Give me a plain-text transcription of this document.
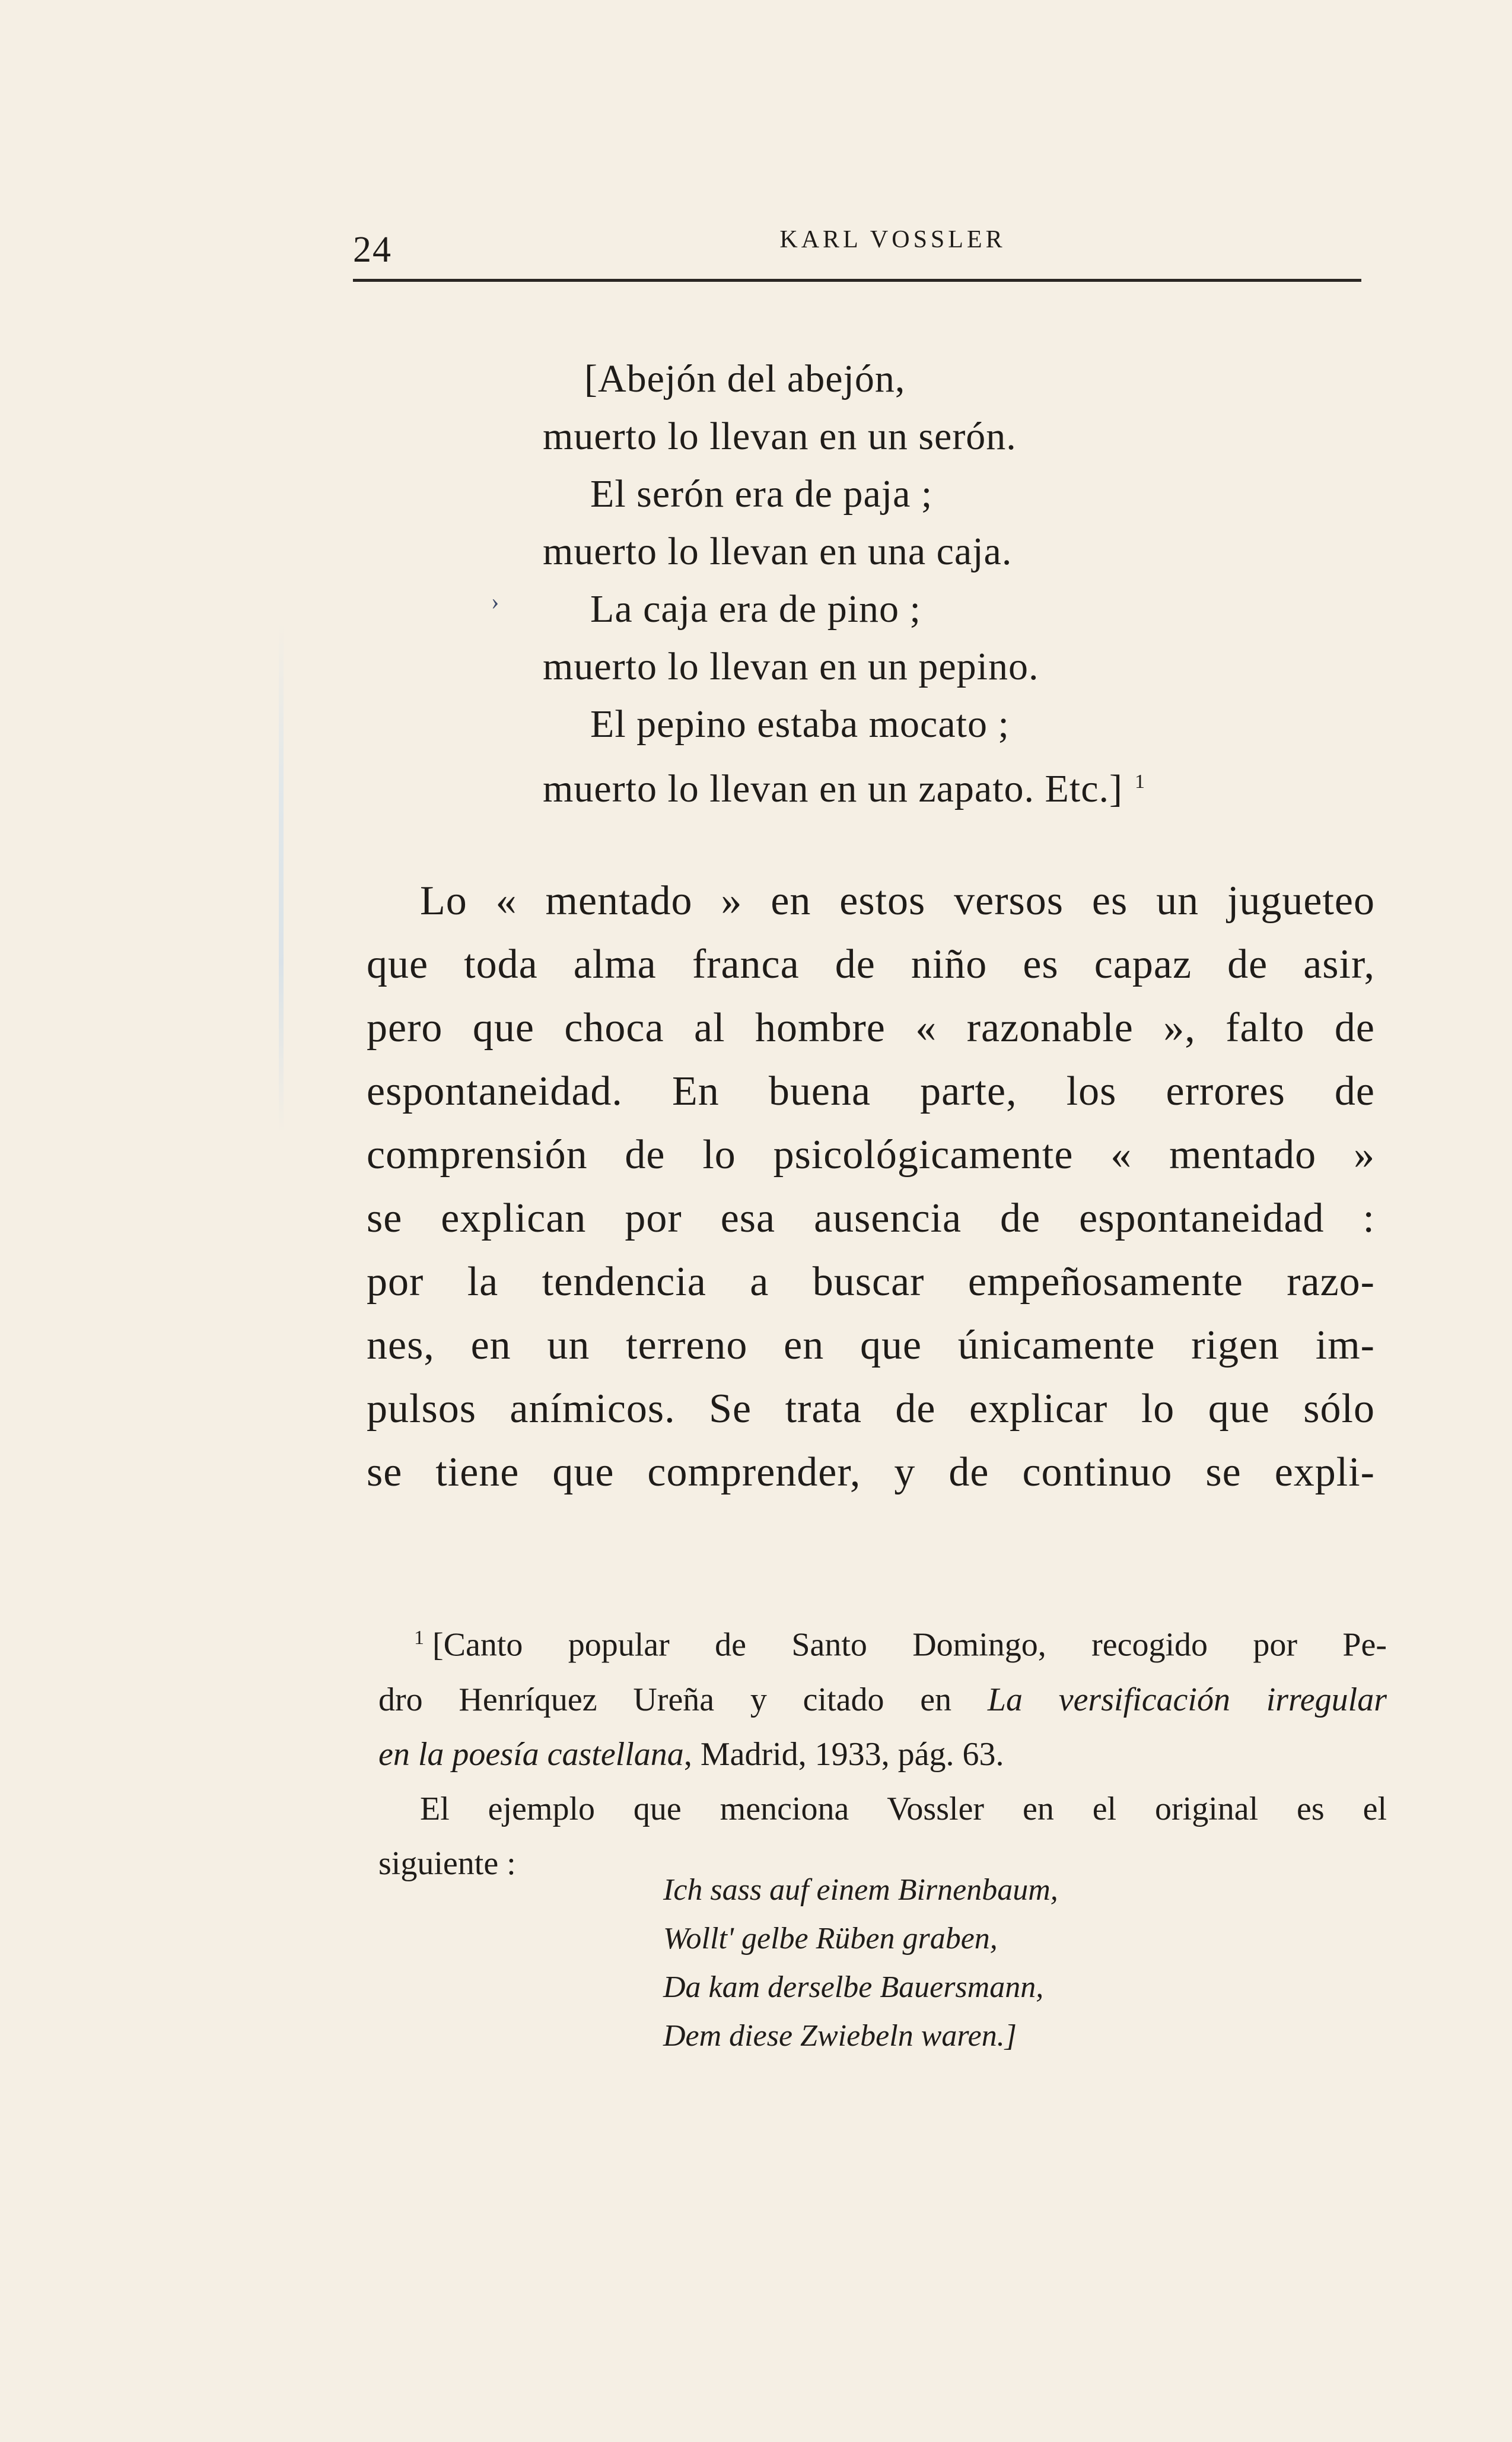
24	KARL VOSSLER
›
[Abejón del abejón,
muerto lo llevan en un serón.
El serón era de paja ;
muerto lo llevan en una caja.
La caja era de pino ;
muerto lo llevan en un pepino.
El pepino estaba mocato ;
muerto lo llevan en un zapato. Etc.] $^1$
Lo « mentado » en estos versos es un jugueteo
que toda alma franca de niño es capaz de asir,
pero que choca al hombre « razonable », falto de
espontaneidad. En buena parte, los errores de
comprensión de lo psicológicamente « mentado »
se explican por esa ausencia de espontaneidad :
por la tendencia a buscar empeñosamente razo-
nes, en un terreno en que únicamente rigen im-
pulsos anímicos. Se trata de explicar lo que sólo
se tiene que comprender, y de continuo se expli-
$^1$ [Canto popular de Santo Domingo, recogido por Pe-
dro Henríquez Ureña y citado en La versificación irregular
en la poesía castellana, Madrid, 1933, pág. 63.
El ejemplo que menciona Vossler en el original es el
siguiente :
Ich sass auf einem Birnenbaum,
Wollt' gelbe Rüben graben,
Da kam derselbe Bauersmann,
Dem diese Zwiebeln waren.]
